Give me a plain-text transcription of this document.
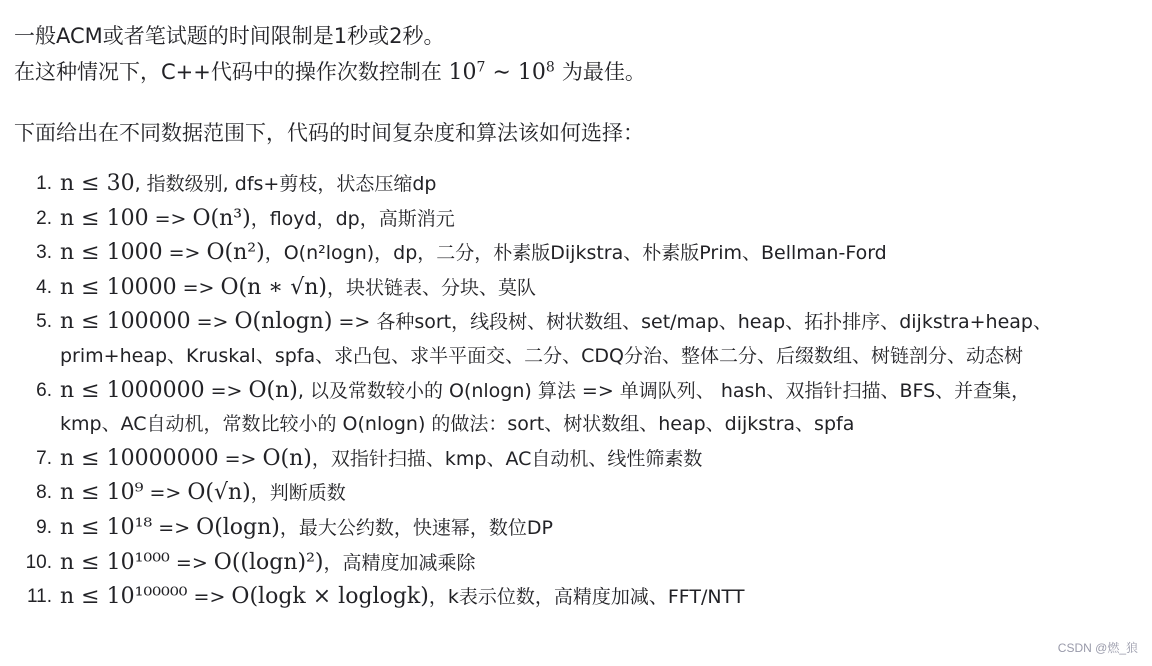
一般ACM或者笔试题的时间限制是1秒或2秒。

在这种情况下，C++代码中的操作次数控制在 $10^7$ ∼ $10^8$ 为最佳。

下面给出在不同数据范围下，代码的时间复杂度和算法该如何选择：

1. n ≤ 30, 指数级别, dfs+剪枝，状态压缩dp
2. n ≤ 100 => O(n³)，floyd，dp，高斯消元
3. n ≤ 1000 => O(n²)，O(n²logn)，dp，二分，朴素版Dijkstra、朴素版Prim、Bellman-Ford
4. n ≤ 10000 => O(n ∗ √n)，块状链表、分块、莫队
5. n ≤ 100000 => O(nlogn) => 各种sort，线段树、树状数组、set/map、heap、拓扑排序、dijkstra+heap、
prim+heap、Kruskal、spfa、求凸包、求半平面交、二分、CDQ分治、整体二分、后缀数组、树链剖分、动态树
6. n ≤ 1000000 => O(n), 以及常数较小的 O(nlogn) 算法 => 单调队列、 hash、双指针扫描、BFS、并查集，
kmp、AC自动机，常数比较小的 O(nlogn) 的做法：sort、树状数组、heap、dijkstra、spfa
7. n ≤ 10000000 => O(n)，双指针扫描、kmp、AC自动机、线性筛素数
8. n ≤ 10⁹ => O(√n)，判断质数
9. n ≤ 10¹⁸ => O(logn)，最大公约数，快速幂，数位DP
10. n ≤ 10¹⁰⁰⁰ => O((logn)²)，高精度加减乘除
11. n ≤ 10¹⁰⁰⁰⁰⁰ => O(logk × loglogk)，k表示位数，高精度加减、FFT/NTT
CSDN @燃_狼
